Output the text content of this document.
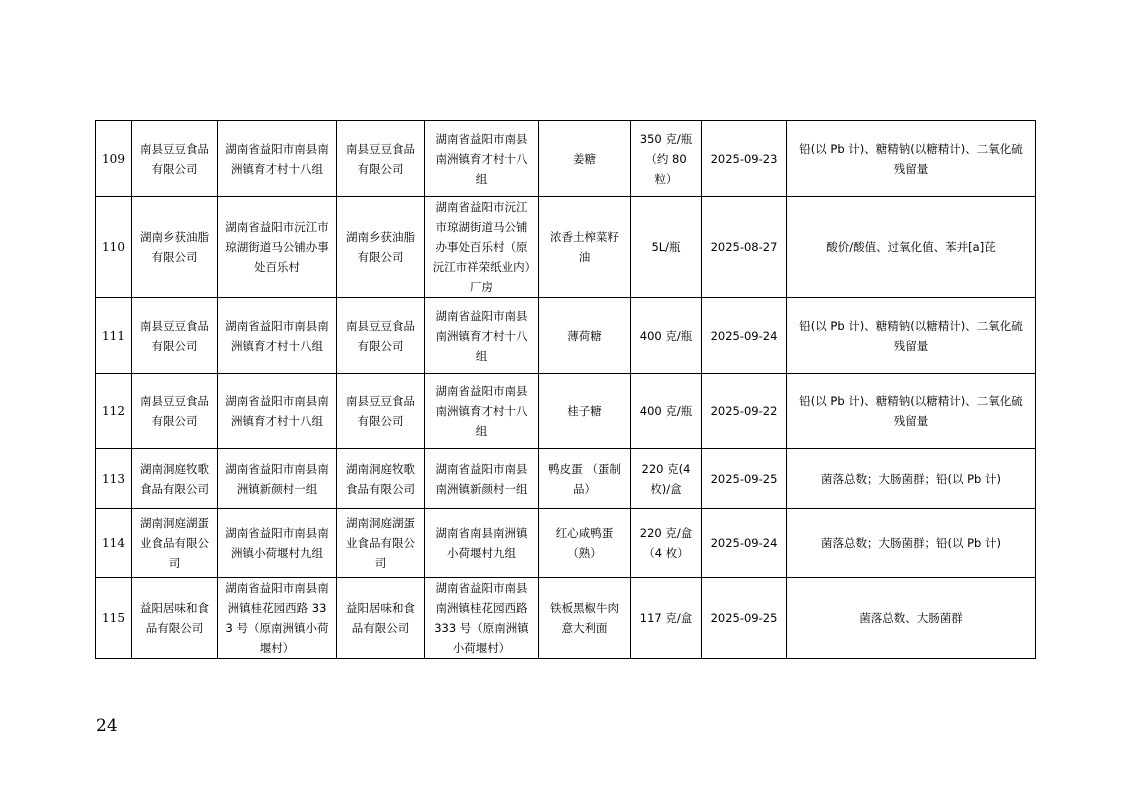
109	南县豆豆食品有限公司	湖南省益阳市南县南洲镇育才村十八组	南县豆豆食品有限公司	湖南省益阳市南县南洲镇育才村十八组	姜糖	350 克/瓶（约 80 粒）	2025-09-23	铅(以 Pb 计)、糖精钠(以糖精计)、二氧化硫残留量
110	湖南乡获油脂有限公司	湖南省益阳市沅江市琼湖街道马公铺办事处百乐村	湖南乡获油脂有限公司	湖南省益阳市沅江市琼湖街道马公铺办事处百乐村（原沅江市祥荣纸业内）厂房	浓香土榨菜籽油	5L/瓶	2025-08-27	酸价/酸值、过氧化值、苯并[a]芘
111	南县豆豆食品有限公司	湖南省益阳市南县南洲镇育才村十八组	南县豆豆食品有限公司	湖南省益阳市南县南洲镇育才村十八组	薄荷糖	400 克/瓶	2025-09-24	铅(以 Pb 计)、糖精钠(以糖精计)、二氧化硫残留量
112	南县豆豆食品有限公司	湖南省益阳市南县南洲镇育才村十八组	南县豆豆食品有限公司	湖南省益阳市南县南洲镇育才村十八组	桂子糖	400 克/瓶	2025-09-22	铅(以 Pb 计)、糖精钠(以糖精计)、二氧化硫残留量
113	湖南洞庭牧歌食品有限公司	湖南省益阳市南县南洲镇新颜村一组	湖南洞庭牧歌食品有限公司	湖南省益阳市南县南洲镇新颜村一组	鸭皮蛋 （蛋制品）	220 克(4 枚)/盒	2025-09-25	菌落总数；大肠菌群；铅(以 Pb 计)
114	湖南洞庭湖蛋业食品有限公司	湖南省益阳市南县南洲镇小荷堰村九组	湖南洞庭湖蛋业食品有限公司	湖南省南县南洲镇小荷堰村九组	红心咸鸭蛋（熟）	220 克/盒（4 枚）	2025-09-24	菌落总数；大肠菌群；铅(以 Pb 计)
115	益阳居味和食品有限公司	湖南省益阳市南县南洲镇桂花园西路 333 号（原南洲镇小荷堰村）	益阳居味和食品有限公司	湖南省益阳市南县南洲镇桂花园西路 333 号（原南洲镇小荷堰村）	铁板黑椒牛肉意大利面	117 克/盒	2025-09-25	菌落总数、大肠菌群
24
